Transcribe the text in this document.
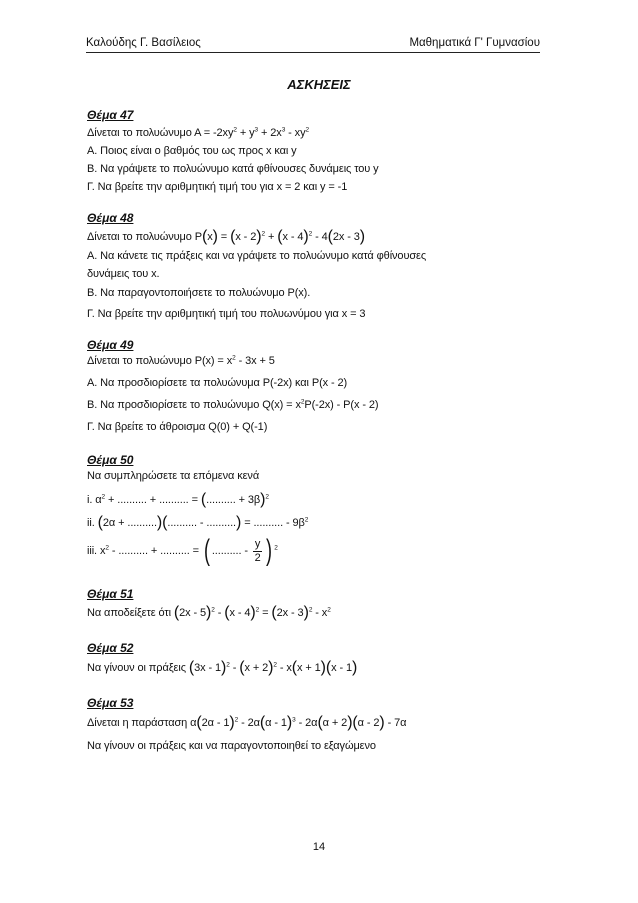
Καλούδης Γ. Βασίλειος	Μαθηματικά Γ' Γυμνασίου
ΑΣΚΗΣΕΙΣ
Θέμα 47
Δίνεται το πολυώνυμο $A = -2xy^2 + y^3 + 2x^3 - xy^2$
Α. Ποιος είναι ο βαθμός του ως προς x και y
Β. Να γράψετε το πολυώνυμο κατά φθίνουσες δυνάμεις του y
Γ. Να βρείτε την αριθμητική τιμή του για x = 2 και y = -1
Θέμα 48
Δίνεται το πολυώνυμο P(x) = (x - 2)$^2$ + (x - 4)$^2$ - 4(2x - 3)
Α. Να κάνετε τις πράξεις και να γράψετε το πολυώνυμο κατά φθίνουσες
δυνάμεις του x.
Β. Να παραγοντοποιήσετε το πολυώνυμο P(x).
Γ. Να βρείτε την αριθμητική τιμή του πολυωνύμου για x = 3
Θέμα 49
Δίνεται το πολυώνυμο $P(x) = x^2 - 3x + 5$
Α. Να προσδιορίσετε τα πολυώνυμα P(-2x) και P(x - 2)
Β. Να προσδιορίσετε το πολυώνυμο $Q(x) = x^2P(-2x) - P(x - 2)$
Γ. Να βρείτε το άθροισμα Q(0) + Q(-1)
Θέμα 50
Να συμπληρώσετε τα επόμενα κενά
i. $\alpha^2$ + .......... + .......... = (.......... + 3β)$^2$
ii. (2α + ..........)(.......... - ..........) = .......... - $9\beta^2$
iii. $x^2$ - .......... + .......... = ( .......... - $\frac{y}{2}$ ) $^2$
Θέμα 51
Να αποδείξετε ότι $(2x - 5)^2 - (x - 4)^2 = (2x - 3)^2 - x^2$
Θέμα 52
Να γίνουν οι πράξεις $(3x - 1)^2 - (x + 2)^2 - x(x + 1)(x - 1)$
Θέμα 53
Δίνεται η παράσταση α(2α - 1)$^2$ - 2α(α - 1)$^3$ - 2α(α + 2)(α - 2) - 7α
Να γίνουν οι πράξεις και να παραγοντοποιηθεί το εξαγώμενο
14
